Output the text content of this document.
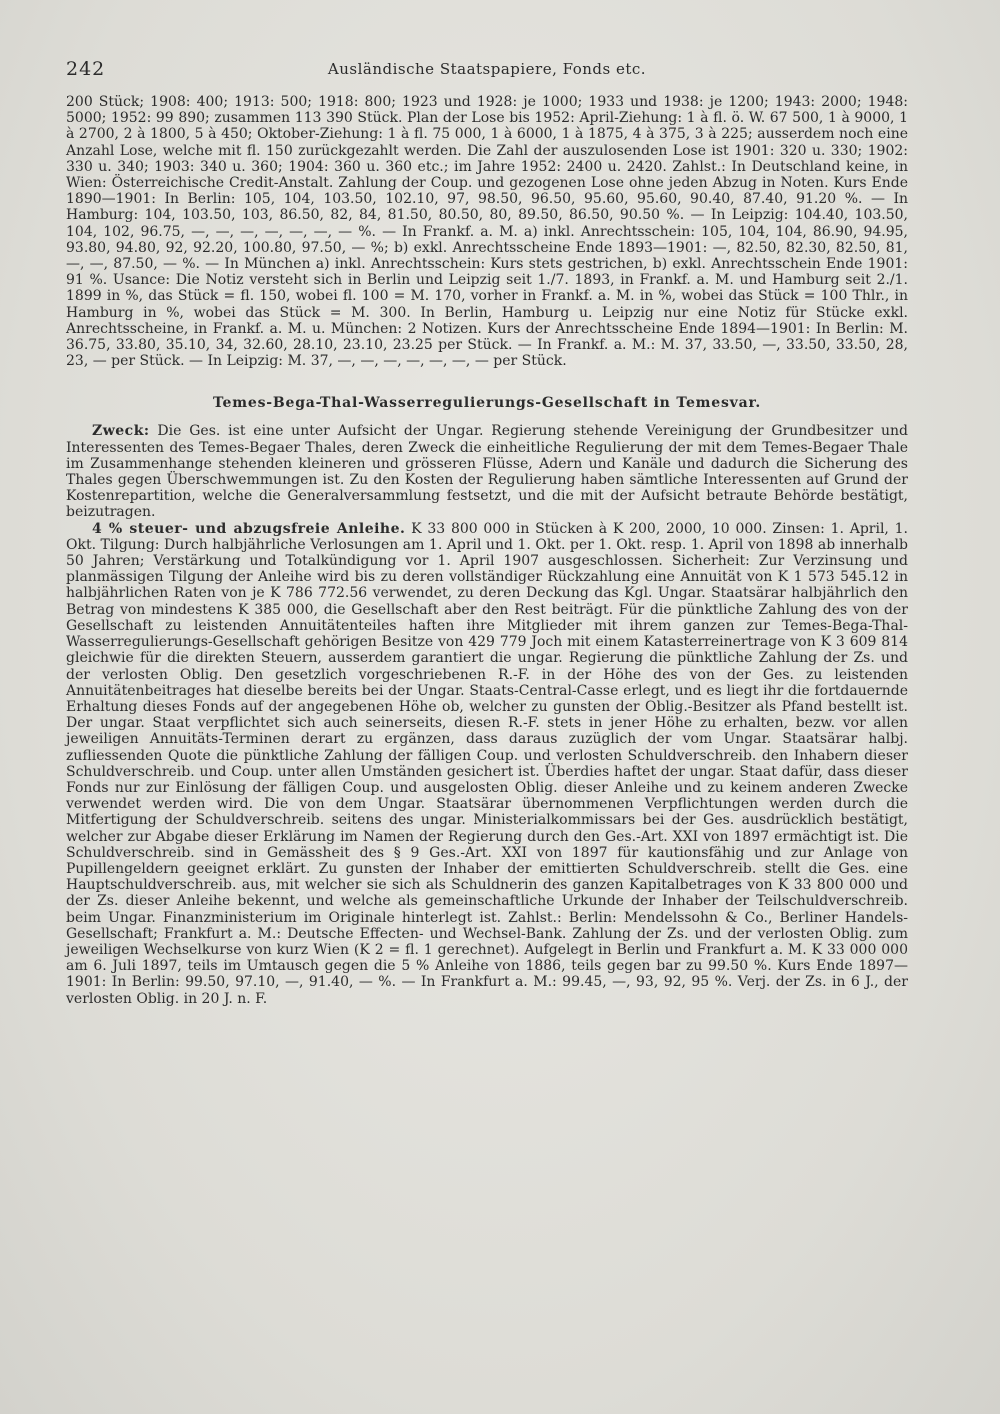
242	Ausländische Staatspapiere, Fonds etc.

200 Stück; 1908: 400; 1913: 500; 1918: 800; 1923 und 1928: je 1000; 1933 und 1938: je 1200; 1943: 2000; 1948: 5000; 1952: 99 890; zusammen 113 390 Stück. Plan der Lose bis 1952: April-Ziehung: 1 à fl. ö. W. 67 500, 1 à 9000, 1 à 2700, 2 à 1800, 5 à 450; Oktober-Ziehung: 1 à fl. 75 000, 1 à 6000, 1 à 1875, 4 à 375, 3 à 225; ausserdem noch eine Anzahl Lose, welche mit fl. 150 zurückgezahlt werden. Die Zahl der auszulosenden Lose ist 1901: 320 u. 330; 1902: 330 u. 340; 1903: 340 u. 360; 1904: 360 u. 360 etc.; im Jahre 1952: 2400 u. 2420. Zahlst.: In Deutschland keine, in Wien: Österreichische Credit-Anstalt. Zahlung der Coup. und gezogenen Lose ohne jeden Abzug in Noten. Kurs Ende 1890—1901: In Berlin: 105, 104, 103.50, 102.10, 97, 98.50, 96.50, 95.60, 95.60, 90.40, 87.40, 91.20 %. — In Hamburg: 104, 103.50, 103, 86.50, 82, 84, 81.50, 80.50, 80, 89.50, 86.50, 90.50 %. — In Leipzig: 104.40, 103.50, 104, 102, 96.75, —, —, —, —, —, —, — %. — In Frankf. a. M. a) inkl. Anrechtsschein: 105, 104, 104, 86.90, 94.95, 93.80, 94.80, 92, 92.20, 100.80, 97.50, — %; b) exkl. Anrechtsscheine Ende 1893—1901: —, 82.50, 82.30, 82.50, 81, —, —, 87.50, — %. — In München a) inkl. Anrechtsschein: Kurs stets gestrichen, b) exkl. Anrechtsschein Ende 1901: 91 %. Usance: Die Notiz versteht sich in Berlin und Leipzig seit 1./7. 1893, in Frankf. a. M. und Hamburg seit 2./1. 1899 in %, das Stück = fl. 150, wobei fl. 100 = M. 170, vorher in Frankf. a. M. in %, wobei das Stück = 100 Thlr., in Hamburg in %, wobei das Stück = M. 300. In Berlin, Hamburg u. Leipzig nur eine Notiz für Stücke exkl. Anrechtsscheine, in Frankf. a. M. u. München: 2 Notizen. Kurs der Anrechtsscheine Ende 1894—1901: In Berlin: M. 36.75, 33.80, 35.10, 34, 32.60, 28.10, 23.10, 23.25 per Stück. — In Frankf. a. M.: M. 37, 33.50, —, 33.50, 33.50, 28, 23, — per Stück. — In Leipzig: M. 37, —, —, —, —, —, —, — per Stück.

Temes-Bega-Thal-Wasserregulierungs-Gesellschaft in Temesvar.

Zweck: Die Ges. ist eine unter Aufsicht der Ungar. Regierung stehende Vereinigung der Grundbesitzer und Interessenten des Temes-Begaer Thales, deren Zweck die einheitliche Regulierung der mit dem Temes-Begaer Thale im Zusammenhange stehenden kleineren und grösseren Flüsse, Adern und Kanäle und dadurch die Sicherung des Thales gegen Überschwemmungen ist. Zu den Kosten der Regulierung haben sämtliche Interessenten auf Grund der Kostenrepartition, welche die Generalversammlung festsetzt, und die mit der Aufsicht betraute Behörde bestätigt, beizutragen.

4 % steuer- und abzugsfreie Anleihe. K 33 800 000 in Stücken à K 200, 2000, 10 000. Zinsen: 1. April, 1. Okt. Tilgung: Durch halbjährliche Verlosungen am 1. April und 1. Okt. per 1. Okt. resp. 1. April von 1898 ab innerhalb 50 Jahren; Verstärkung und Totalkündigung vor 1. April 1907 ausgeschlossen. Sicherheit: Zur Verzinsung und planmässigen Tilgung der Anleihe wird bis zu deren vollständiger Rückzahlung eine Annuität von K 1 573 545.12 in halbjährlichen Raten von je K 786 772.56 verwendet, zu deren Deckung das Kgl. Ungar. Staatsärar halbjährlich den Betrag von mindestens K 385 000, die Gesellschaft aber den Rest beiträgt. Für die pünktliche Zahlung des von der Gesellschaft zu leistenden Annuitätenteiles haften ihre Mitglieder mit ihrem ganzen zur Temes-Bega-Thal-Wasserregulierungs-Gesellschaft gehörigen Besitze von 429 779 Joch mit einem Katasterreinertrage von K 3 609 814 gleichwie für die direkten Steuern, ausserdem garantiert die ungar. Regierung die pünktliche Zahlung der Zs. und der verlosten Oblig. Den gesetzlich vorgeschriebenen R.-F. in der Höhe des von der Ges. zu leistenden Annuitätenbeitrages hat dieselbe bereits bei der Ungar. Staats-Central-Casse erlegt, und es liegt ihr die fortdauernde Erhaltung dieses Fonds auf der angegebenen Höhe ob, welcher zu gunsten der Oblig.-Besitzer als Pfand bestellt ist. Der ungar. Staat verpflichtet sich auch seinerseits, diesen R.-F. stets in jener Höhe zu erhalten, bezw. vor allen jeweiligen Annuitäts-Terminen derart zu ergänzen, dass daraus zuzüglich der vom Ungar. Staatsärar halbj. zufliessenden Quote die pünktliche Zahlung der fälligen Coup. und verlosten Schuldverschreib. den Inhabern dieser Schuldverschreib. und Coup. unter allen Umständen gesichert ist. Überdies haftet der ungar. Staat dafür, dass dieser Fonds nur zur Einlösung der fälligen Coup. und ausgelosten Oblig. dieser Anleihe und zu keinem anderen Zwecke verwendet werden wird. Die von dem Ungar. Staatsärar übernommenen Verpflichtungen werden durch die Mitfertigung der Schuldverschreib. seitens des ungar. Ministerialkommissars bei der Ges. ausdrücklich bestätigt, welcher zur Abgabe dieser Erklärung im Namen der Regierung durch den Ges.-Art. XXI von 1897 ermächtigt ist. Die Schuldverschreib. sind in Gemässheit des § 9 Ges.-Art. XXI von 1897 für kautionsfähig und zur Anlage von Pupillengeldern geeignet erklärt. Zu gunsten der Inhaber der emittierten Schuldverschreib. stellt die Ges. eine Hauptschuldverschreib. aus, mit welcher sie sich als Schuldnerin des ganzen Kapitalbetrages von K 33 800 000 und der Zs. dieser Anleihe bekennt, und welche als gemeinschaftliche Urkunde der Inhaber der Teilschuldverschreib. beim Ungar. Finanzministerium im Originale hinterlegt ist. Zahlst.: Berlin: Mendelssohn & Co., Berliner Handels-Gesellschaft; Frankfurt a. M.: Deutsche Effecten- und Wechsel-Bank. Zahlung der Zs. und der verlosten Oblig. zum jeweiligen Wechselkurse von kurz Wien (K 2 = fl. 1 gerechnet). Aufgelegt in Berlin und Frankfurt a. M. K 33 000 000 am 6. Juli 1897, teils im Umtausch gegen die 5 % Anleihe von 1886, teils gegen bar zu 99.50 %. Kurs Ende 1897—1901: In Berlin: 99.50, 97.10, —, 91.40, — %. — In Frankfurt a. M.: 99.45, —, 93, 92, 95 %. Verj. der Zs. in 6 J., der verlosten Oblig. in 20 J. n. F.
